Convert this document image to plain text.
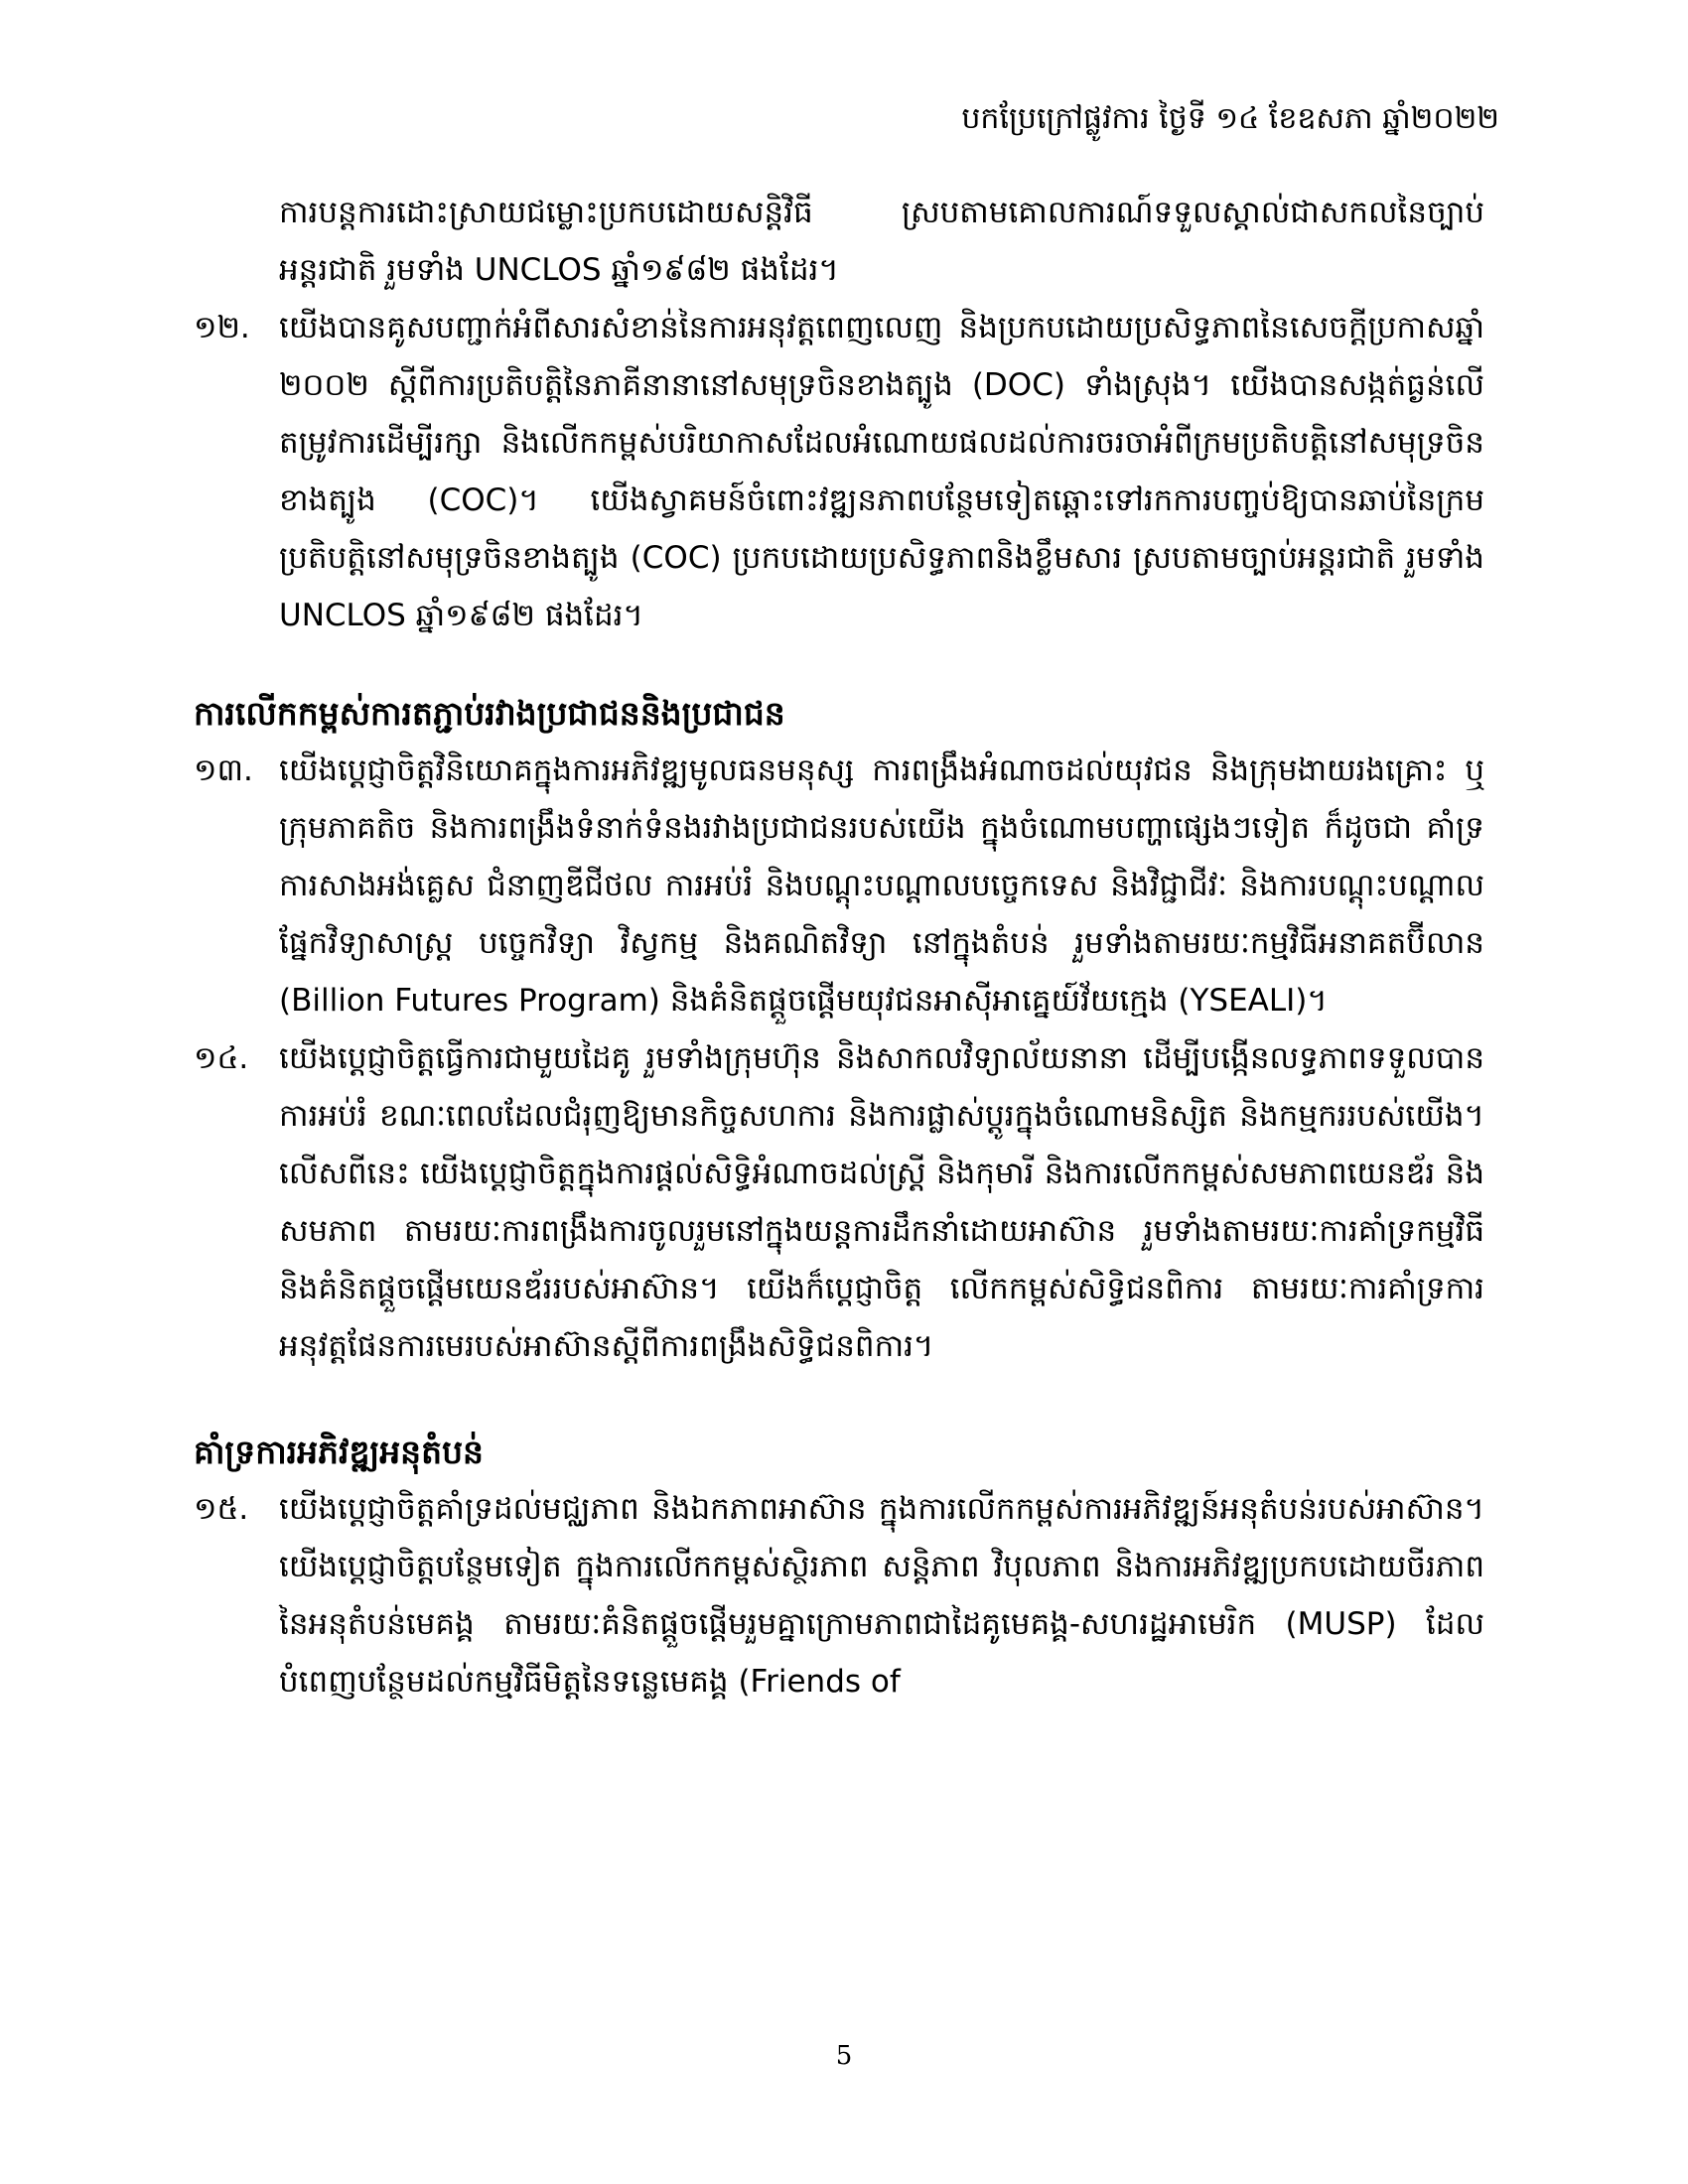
បកប្រែក្រៅផ្លូវការ ថ្ងៃទី ១៤ ខែឧសភា ឆ្នាំ២០២២
ការបន្តការដោះស្រាយជម្លោះប្រកបដោយសន្តិវិធី ស្របតាមគោលការណ៍ទទួលស្គាល់ជាសកលនៃច្បាប់អន្តរជាតិ រួមទាំង UNCLOS ឆ្នាំ១៩៨២ ផងដែរ។
១២. យើងបានគូសបញ្ជាក់អំពីសារសំខាន់នៃការអនុវត្តពេញលេញ និងប្រកបដោយប្រសិទ្ធភាពនៃសេចក្តីប្រកាសឆ្នាំ ២០០២ ស្តីពីការប្រតិបត្តិនៃភាគីនានានៅសមុទ្រចិនខាងត្បូង (DOC) ទាំងស្រុង។ យើងបានសង្កត់ធ្ងន់លើតម្រូវការដើម្បីរក្សា និងលើកកម្ពស់បរិយាកាសដែលអំណោយផលដល់ការចរចាអំពីក្រមប្រតិបត្តិនៅសមុទ្រចិនខាងត្បូង (COC)។ យើងស្វាគមន៍ចំពោះវឌ្ឍនភាពបន្ថែមទៀតឆ្ពោះទៅរកការបញ្ចប់ឱ្យបានឆាប់នៃក្រមប្រតិបត្តិនៅសមុទ្រចិនខាងត្បូង (COC) ប្រកបដោយប្រសិទ្ធភាពនិងខ្លឹមសារ ស្របតាមច្បាប់អន្តរជាតិ រួមទាំង UNCLOS ឆ្នាំ១៩៨២ ផងដែរ។
ការលើកកម្ពស់ការតភ្ជាប់រវាងប្រជាជននិងប្រជាជន
១៣. យើងប្តេជ្ញាចិត្តវិនិយោគក្នុងការអភិវឌ្ឍមូលធនមនុស្ស ការពង្រឹងអំណាចដល់យុវជន និងក្រុមងាយរងគ្រោះ ឬក្រុមភាគតិច និងការពង្រឹងទំនាក់ទំនងរវាងប្រជាជនរបស់យើង ក្នុងចំណោមបញ្ហាផ្សេងៗទៀត ក៏ដូចជា គាំទ្រការសាងអង់គ្លេស ជំនាញឌីជីថល ការអប់រំ និងបណ្តុះបណ្តាលបច្ចេកទេស និងវិជ្ជាជីវៈ និងការបណ្តុះបណ្តាលផ្នែកវិទ្យាសាស្ត្រ បច្ចេកវិទ្យា វិស្វកម្ម និងគណិតវិទ្យា នៅក្នុងតំបន់ រួមទាំងតាមរយៈកម្មវិធីអនាគតប៊ីលាន (Billion Futures Program) និងគំនិតផ្តួចផ្តើមយុវជនអាស៊ីអាគ្នេយ៍វ័យក្មេង (YSEALI)។
១៤. យើងប្តេជ្ញាចិត្តធ្វើការជាមួយដៃគូ រួមទាំងក្រុមហ៊ុន និងសាកលវិទ្យាល័យនានា ដើម្បីបង្កើនលទ្ធភាពទទួលបានការអប់រំ ខណៈពេលដែលជំរុញឱ្យមានកិច្ចសហការ និងការផ្លាស់ប្តូរក្នុងចំណោមនិស្សិត និងកម្មកររបស់យើង។ លើសពីនេះ យើងប្តេជ្ញាចិត្តក្នុងការផ្តល់សិទ្ធិអំណាចដល់ស្ត្រី និងកុមារី និងការលើកកម្ពស់សមភាពយេនឌ័រ និងសមភាព តាមរយៈការពង្រឹងការចូលរួមនៅក្នុងយន្តការដឹកនាំដោយអាស៊ាន រួមទាំងតាមរយៈការគាំទ្រកម្មវិធី និងគំនិតផ្តួចផ្តើមយេនឌ័ររបស់អាស៊ាន។ យើងក៏ប្តេជ្ញាចិត្ត លើកកម្ពស់សិទ្ធិជនពិការ តាមរយៈការគាំទ្រការអនុវត្តផែនការមេរបស់អាស៊ានស្តីពីការពង្រឹងសិទ្ធិជនពិការ។
គាំទ្រការអភិវឌ្ឍអនុតំបន់
១៥. យើងប្តេជ្ញាចិត្តគាំទ្រដល់មជ្ឈភាព និងឯកភាពអាស៊ាន ក្នុងការលើកកម្ពស់ការអភិវឌ្ឍន៍អនុតំបន់របស់អាស៊ាន។ យើងប្តេជ្ញាចិត្តបន្ថែមទៀត ក្នុងការលើកកម្ពស់ស្ថិរភាព សន្តិភាព វិបុលភាព និងការអភិវឌ្ឍប្រកបដោយចីរភាពនៃអនុតំបន់មេគង្គ តាមរយៈគំនិតផ្តួចផ្តើមរួមគ្នាក្រោមភាពជាដៃគូមេគង្គ-សហរដ្ឋអាមេរិក (MUSP) ដែលបំពេញបន្ថែមដល់កម្មវិធីមិត្តនៃទន្លេមេគង្គ (Friends of
5
